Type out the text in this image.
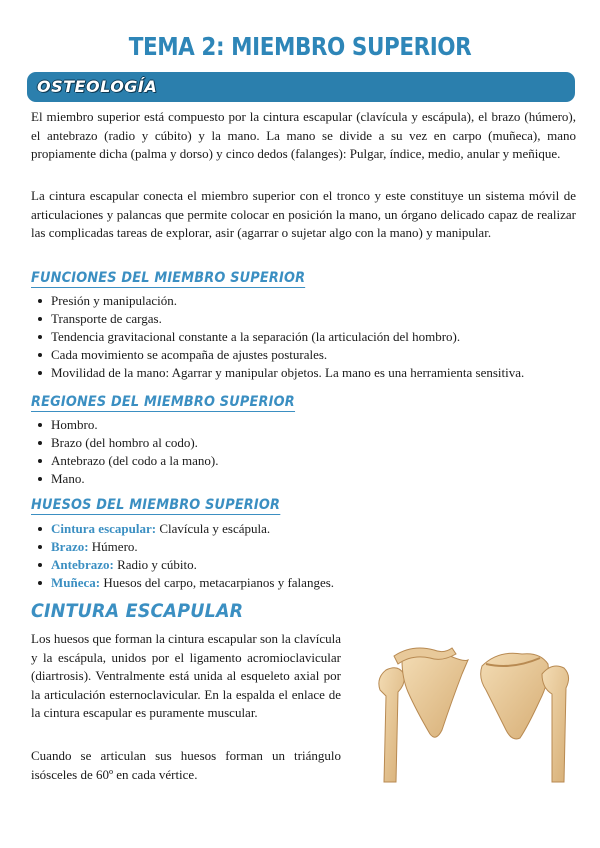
TEMA 2: MIEMBRO SUPERIOR
OSTEOLOGÍA

El miembro superior está compuesto por la cintura escapular (clavícula y escápula), el brazo (húmero), el antebrazo (radio y cúbito) y la mano. La mano se divide a su vez en carpo (muñeca), mano propiamente dicha (palma y dorso) y cinco dedos (falanges): Pulgar, índice, medio, anular y meñique.

La cintura escapular conecta el miembro superior con el tronco y este constituye un sistema móvil de articulaciones y palancas que permite colocar en posición la mano, un órgano delicado capaz de realizar las complicadas tareas de explorar, asir (agarrar o sujetar algo con la mano) y manipular.

FUNCIONES DEL MIEMBRO SUPERIOR
Presión y manipulación.
Transporte de cargas.
Tendencia gravitacional constante a la separación (la articulación del hombro).
Cada movimiento se acompaña de ajustes posturales.
Movilidad de la mano: Agarrar y manipular objetos. La mano es una herramienta sensitiva.
REGIONES DEL MIEMBRO SUPERIOR
Hombro.
Brazo (del hombro al codo).
Antebrazo (del codo a la mano).
Mano.
HUESOS DEL MIEMBRO SUPERIOR
Cintura escapular: Clavícula y escápula.
Brazo: Húmero.
Antebrazo: Radio y cúbito.
Muñeca: Huesos del carpo, metacarpianos y falanges.
CINTURA ESCAPULAR

Los huesos que forman la cintura escapular son la clavícula y la escápula, unidos por el ligamento acromioclavicular (diartrosis). Ventralmente está unida al esqueleto axial por la articulación esternoclavicular. En la espalda el enlace de la cintura escapular es puramente muscular.

Cuando se articulan sus huesos forman un triángulo isósceles de 60º en cada vértice.
